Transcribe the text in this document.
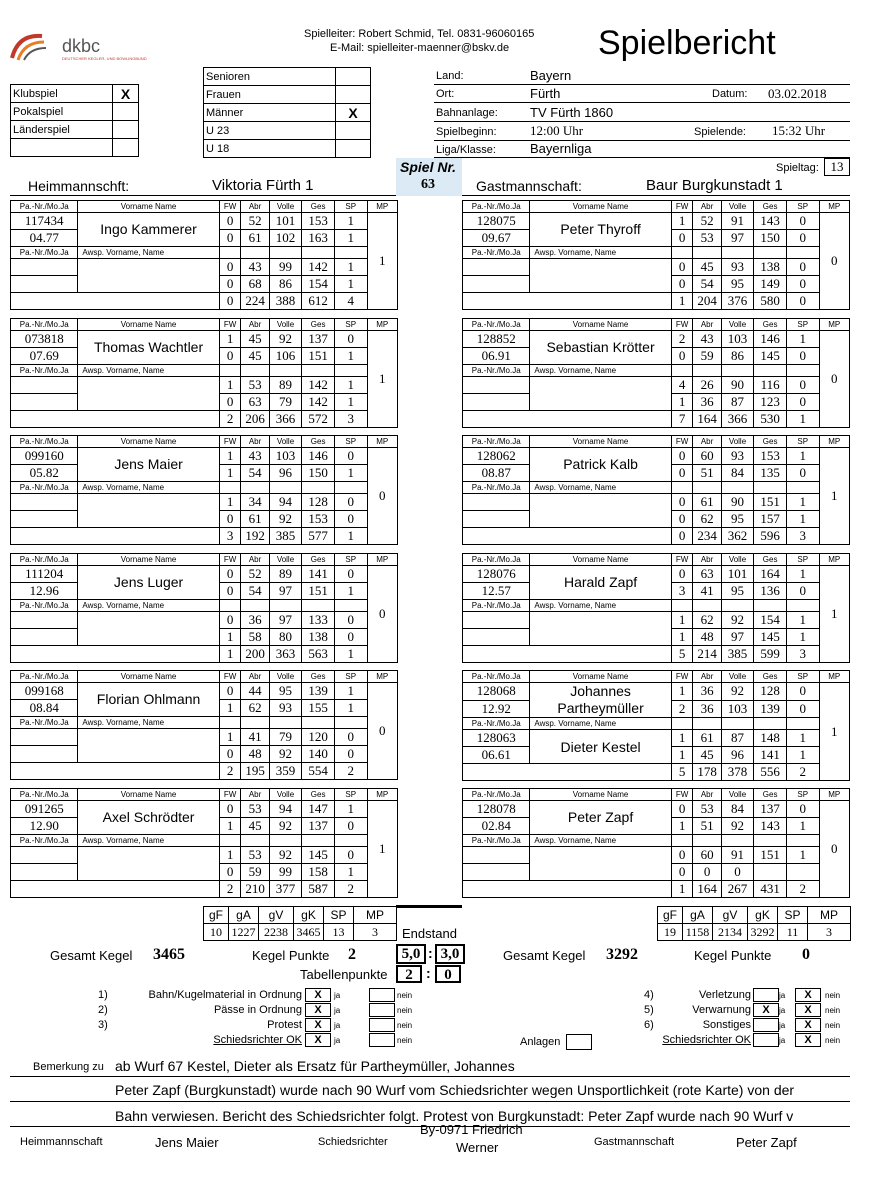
dkbc
DEUTSCHER KEGLER- UND BOWLINGBUND
Spielleiter: Robert Schmid, Tel. 0831-96060165
E-Mail: spielleiter-maenner@bskv.de	Spielbericht
Klubspiel	X
Pokalspiel	
Länderspiel	

Senioren	
Frauen	
Männer	X
U 23	
U 18	
Land:	Bayern
Ort:	Fürth	Datum: 03.02.2018
Bahnanlage: TV Fürth 1860
Spielbeginn:	12:00 Uhr	Spielende: 15:32 Uhr
Liga/Klasse:	Bayernliga
Spiel Nr.
63
Spieltag: 13
Heimmannschft:	Viktoria Fürth 1	Gastmannschaft:	Baur Burgkunstadt 1
Pa.-Nr./Mo.Ja	Vorname Name	FW	Abr	Volle	Ges	SP	MP
117434	Ingo Kammerer	0	52	101	153	1	1
04.77		0	61	102	163	1	
Pa.-Nr./Mo.Ja	Awsp. Vorname, Name						
		0	43	99	142	1	
		0	68	86	154	1	
		0	224	388	612	4	
Pa.-Nr./Mo.Ja	Vorname Name	FW	Abr	Volle	Ges	SP	MP
073818	Thomas Wachtler	1	45	92	137	0	1
07.69		0	45	106	151	1	
Pa.-Nr./Mo.Ja	Awsp. Vorname, Name						
		1	53	89	142	1	
		0	63	79	142	1	
		2	206	366	572	3	
Pa.-Nr./Mo.Ja	Vorname Name	FW	Abr	Volle	Ges	SP	MP
099160	Jens Maier	1	43	103	146	0	0
05.82		1	54	96	150	1	
Pa.-Nr./Mo.Ja	Awsp. Vorname, Name						
		1	34	94	128	0	
		0	61	92	153	0	
		3	192	385	577	1	
Pa.-Nr./Mo.Ja	Vorname Name	FW	Abr	Volle	Ges	SP	MP
111204	Jens Luger	0	52	89	141	0	0
12.96		0	54	97	151	1	
Pa.-Nr./Mo.Ja	Awsp. Vorname, Name						
		0	36	97	133	0	
		1	58	80	138	0	
		1	200	363	563	1	
Pa.-Nr./Mo.Ja	Vorname Name	FW	Abr	Volle	Ges	SP	MP
099168	Florian Ohlmann	0	44	95	139	1	0
08.84		1	62	93	155	1	
Pa.-Nr./Mo.Ja	Awsp. Vorname, Name						
		1	41	79	120	0	
		0	48	92	140	0	
		2	195	359	554	2	
Pa.-Nr./Mo.Ja	Vorname Name	FW	Abr	Volle	Ges	SP	MP
091265	Axel Schrödter	0	53	94	147	1	1
12.90		1	45	92	137	0	
Pa.-Nr./Mo.Ja	Awsp. Vorname, Name						
		1	53	92	145	0	
		0	59	99	158	1	
		2	210	377	587	2	
Pa.-Nr./Mo.Ja	Vorname Name	FW	Abr	Volle	Ges	SP	MP
128075	Peter Thyroff	1	52	91	143	0	0
09.67		0	53	97	150	0	
Pa.-Nr./Mo.Ja	Awsp. Vorname, Name						
		0	45	93	138	0	
		0	54	95	149	0	
		1	204	376	580	0	
Pa.-Nr./Mo.Ja	Vorname Name	FW	Abr	Volle	Ges	SP	MP
128852	Sebastian Krötter	2	43	103	146	1	0
06.91		0	59	86	145	0	
Pa.-Nr./Mo.Ja	Awsp. Vorname, Name						
		4	26	90	116	0	
		1	36	87	123	0	
		7	164	366	530	1	
Pa.-Nr./Mo.Ja	Vorname Name	FW	Abr	Volle	Ges	SP	MP
128062	Patrick Kalb	0	60	93	153	1	1
08.87		0	51	84	135	0	
Pa.-Nr./Mo.Ja	Awsp. Vorname, Name						
		0	61	90	151	1	
		0	62	95	157	1	
		0	234	362	596	3	
Pa.-Nr./Mo.Ja	Vorname Name	FW	Abr	Volle	Ges	SP	MP
128076	Harald Zapf	0	63	101	164	1	1
12.57		3	41	95	136	0	
Pa.-Nr./Mo.Ja	Awsp. Vorname, Name						
		1	62	92	154	1	
		1	48	97	145	1	
		5	214	385	599	3	
Pa.-Nr./Mo.Ja	Vorname Name	FW	Abr	Volle	Ges	SP	MP
128068	Johannes Partheymüller	1	36	92	128	0	1
12.92		2	36	103	139	0	
Pa.-Nr./Mo.Ja	Awsp. Vorname, Name						
128063	Dieter Kestel	1	61	87	148	1	
06.61		1	45	96	141	1	
		5	178	378	556	2	
Pa.-Nr./Mo.Ja	Vorname Name	FW	Abr	Volle	Ges	SP	MP
128078	Peter Zapf	0	53	84	137	0	0
02.84		1	51	92	143	1	
Pa.-Nr./Mo.Ja	Awsp. Vorname, Name						
		0	60	91	151	1	
		0	0	0			
		1	164	267	431	2	
gF	gA	gV	gK	SP	MP
10	1227	2238	3465	13	3
gF	gA	gV	gK	SP	MP
19	1158	2134	3292	11	3
Endstand
5,0 : 3,0
Tabellenpunkte	2 : 0
Gesamt Kegel 3465	Kegel Punkte 2	Gesamt Kegel 3292	Kegel Punkte 0
1)	Bahn/Kugelmaterial in Ordnung	X	ja	nein
2)	Pässe in Ordnung	X	ja	nein
3)	Protest	X	ja	nein
Schiedsrichter OK	X	ja	nein
4)	Verletzung	ja	X	nein
5)	Verwarnung	X	ja	X	nein
6)	Sonstiges	ja	X	nein
Schiedsrichter OK	ja	X	nein
Anlagen
Bemerkung zu ab Wurf 67 Kestel, Dieter als Ersatz für Partheymüller, Johannes
Peter Zapf (Burgkunstadt) wurde nach 90 Wurf vom Schiedsrichter wegen Unsportlichkeit (rote Karte) von der
Bahn verwiesen. Bericht des Schiedsrichter folgt. Protest von Burgkunstadt: Peter Zapf wurde nach 90 Wurf v
Heimmannschaft	Jens Maier	Schiedsrichter
By-0971 Friedrich
Werner	Gastmannschaft	Peter Zapf
